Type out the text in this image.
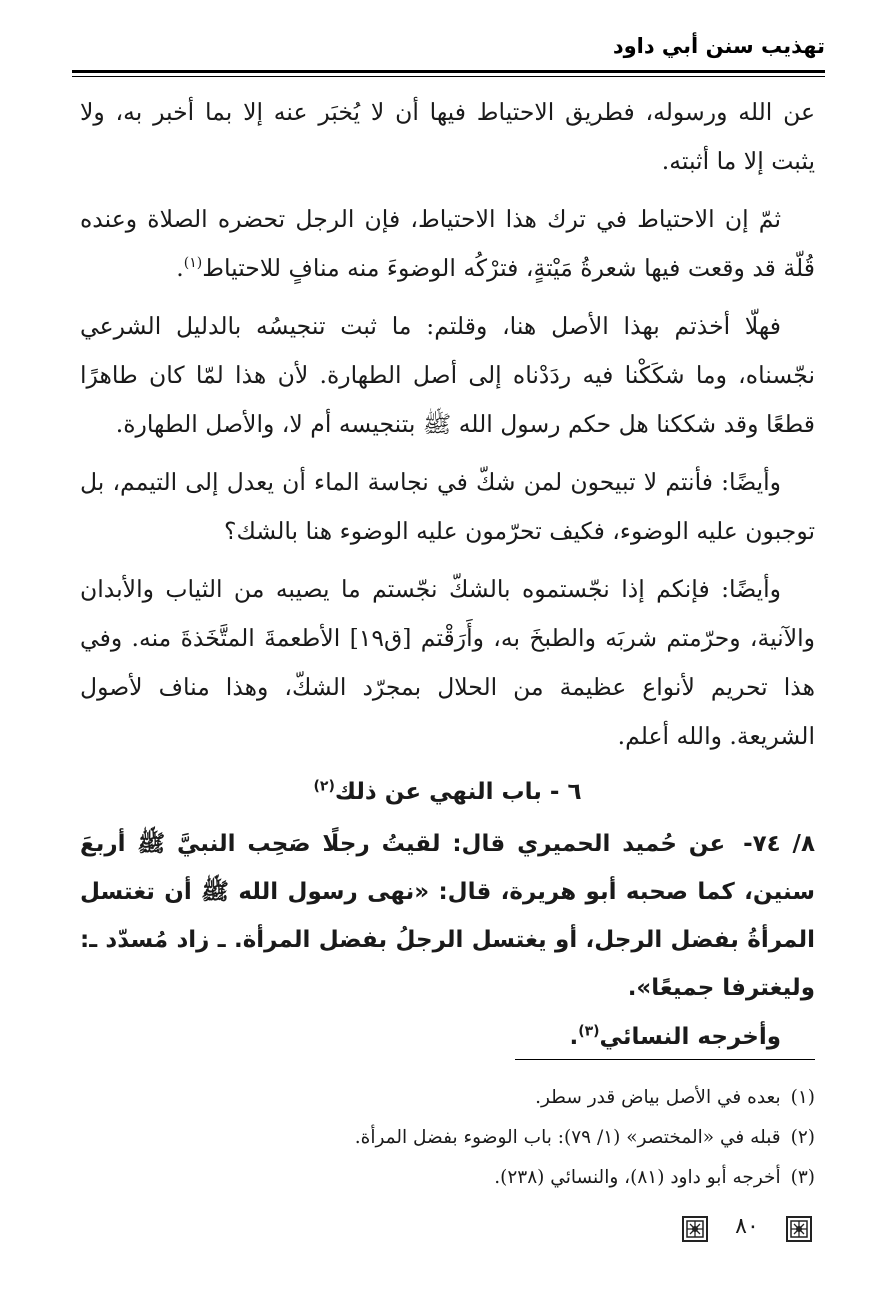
تهذيب سنن أبي داود

عن الله ورسوله، فطريق الاحتياط فيها أن لا يُخبَر عنه إلا بما أخبر به، ولا يثبت إلا ما أثبته.

ثمّ إن الاحتياط في ترك هذا الاحتياط، فإن الرجل تحضره الصلاة وعنده قُلّة قد وقعت فيها شعرةُ مَيْتةٍ، فترْكُه الوضوءَ منه منافٍ للاحتياط$^{(١)}$.

فهلّا أخذتم بهذا الأصل هنا، وقلتم: ما ثبت تنجيسُه بالدليل الشرعي نجّسناه، وما شكَكْنا فيه ردَدْناه إلى أصل الطهارة. لأن هذا لمّا كان طاهرًا قطعًا وقد شككنا هل حكم رسول الله ﷺ بتنجيسه أم لا، والأصل الطهارة.

وأيضًا: فأنتم لا تبيحون لمن شكّ في نجاسة الماء أن يعدل إلى التيمم، بل توجبون عليه الوضوء، فكيف تحرّمون عليه الوضوء هنا بالشك؟

وأيضًا: فإنكم إذا نجّستموه بالشكّ نجّستم ما يصيبه من الثياب والأبدان والآنية، وحرّمتم شربَه والطبخَ به، وأَرَقْتم [ق١٩] الأطعمةَ المتَّخَذةَ منه. وفي هذا تحريم لأنواع عظيمة من الحلال بمجرّد الشكّ، وهذا مناف لأصول الشريعة. والله أعلم.

٦ - باب النهي عن ذلك$^{(٢)}$

٨/ ٧٤- عن حُميد الحميري قال: لقيتُ رجلًا صَحِب النبيَّ ﷺ أربعَ سنين، كما صحبه أبو هريرة، قال: «نهى رسول الله ﷺ أن تغتسل المرأةُ بفضل الرجل، أو يغتسل الرجلُ بفضل المرأة. ـ زاد مُسدّد ـ: وليغترفا جميعًا».

وأخرجه النسائي$^{(٣)}$.

(١)بعده في الأصل بياض قدر سطر.

(٢)قبله في «المختصر» (١/ ٧٩): باب الوضوء بفضل المرأة.

(٣)أخرجه أبو داود (٨١)، والنسائي (٢٣٨).

٨٠
